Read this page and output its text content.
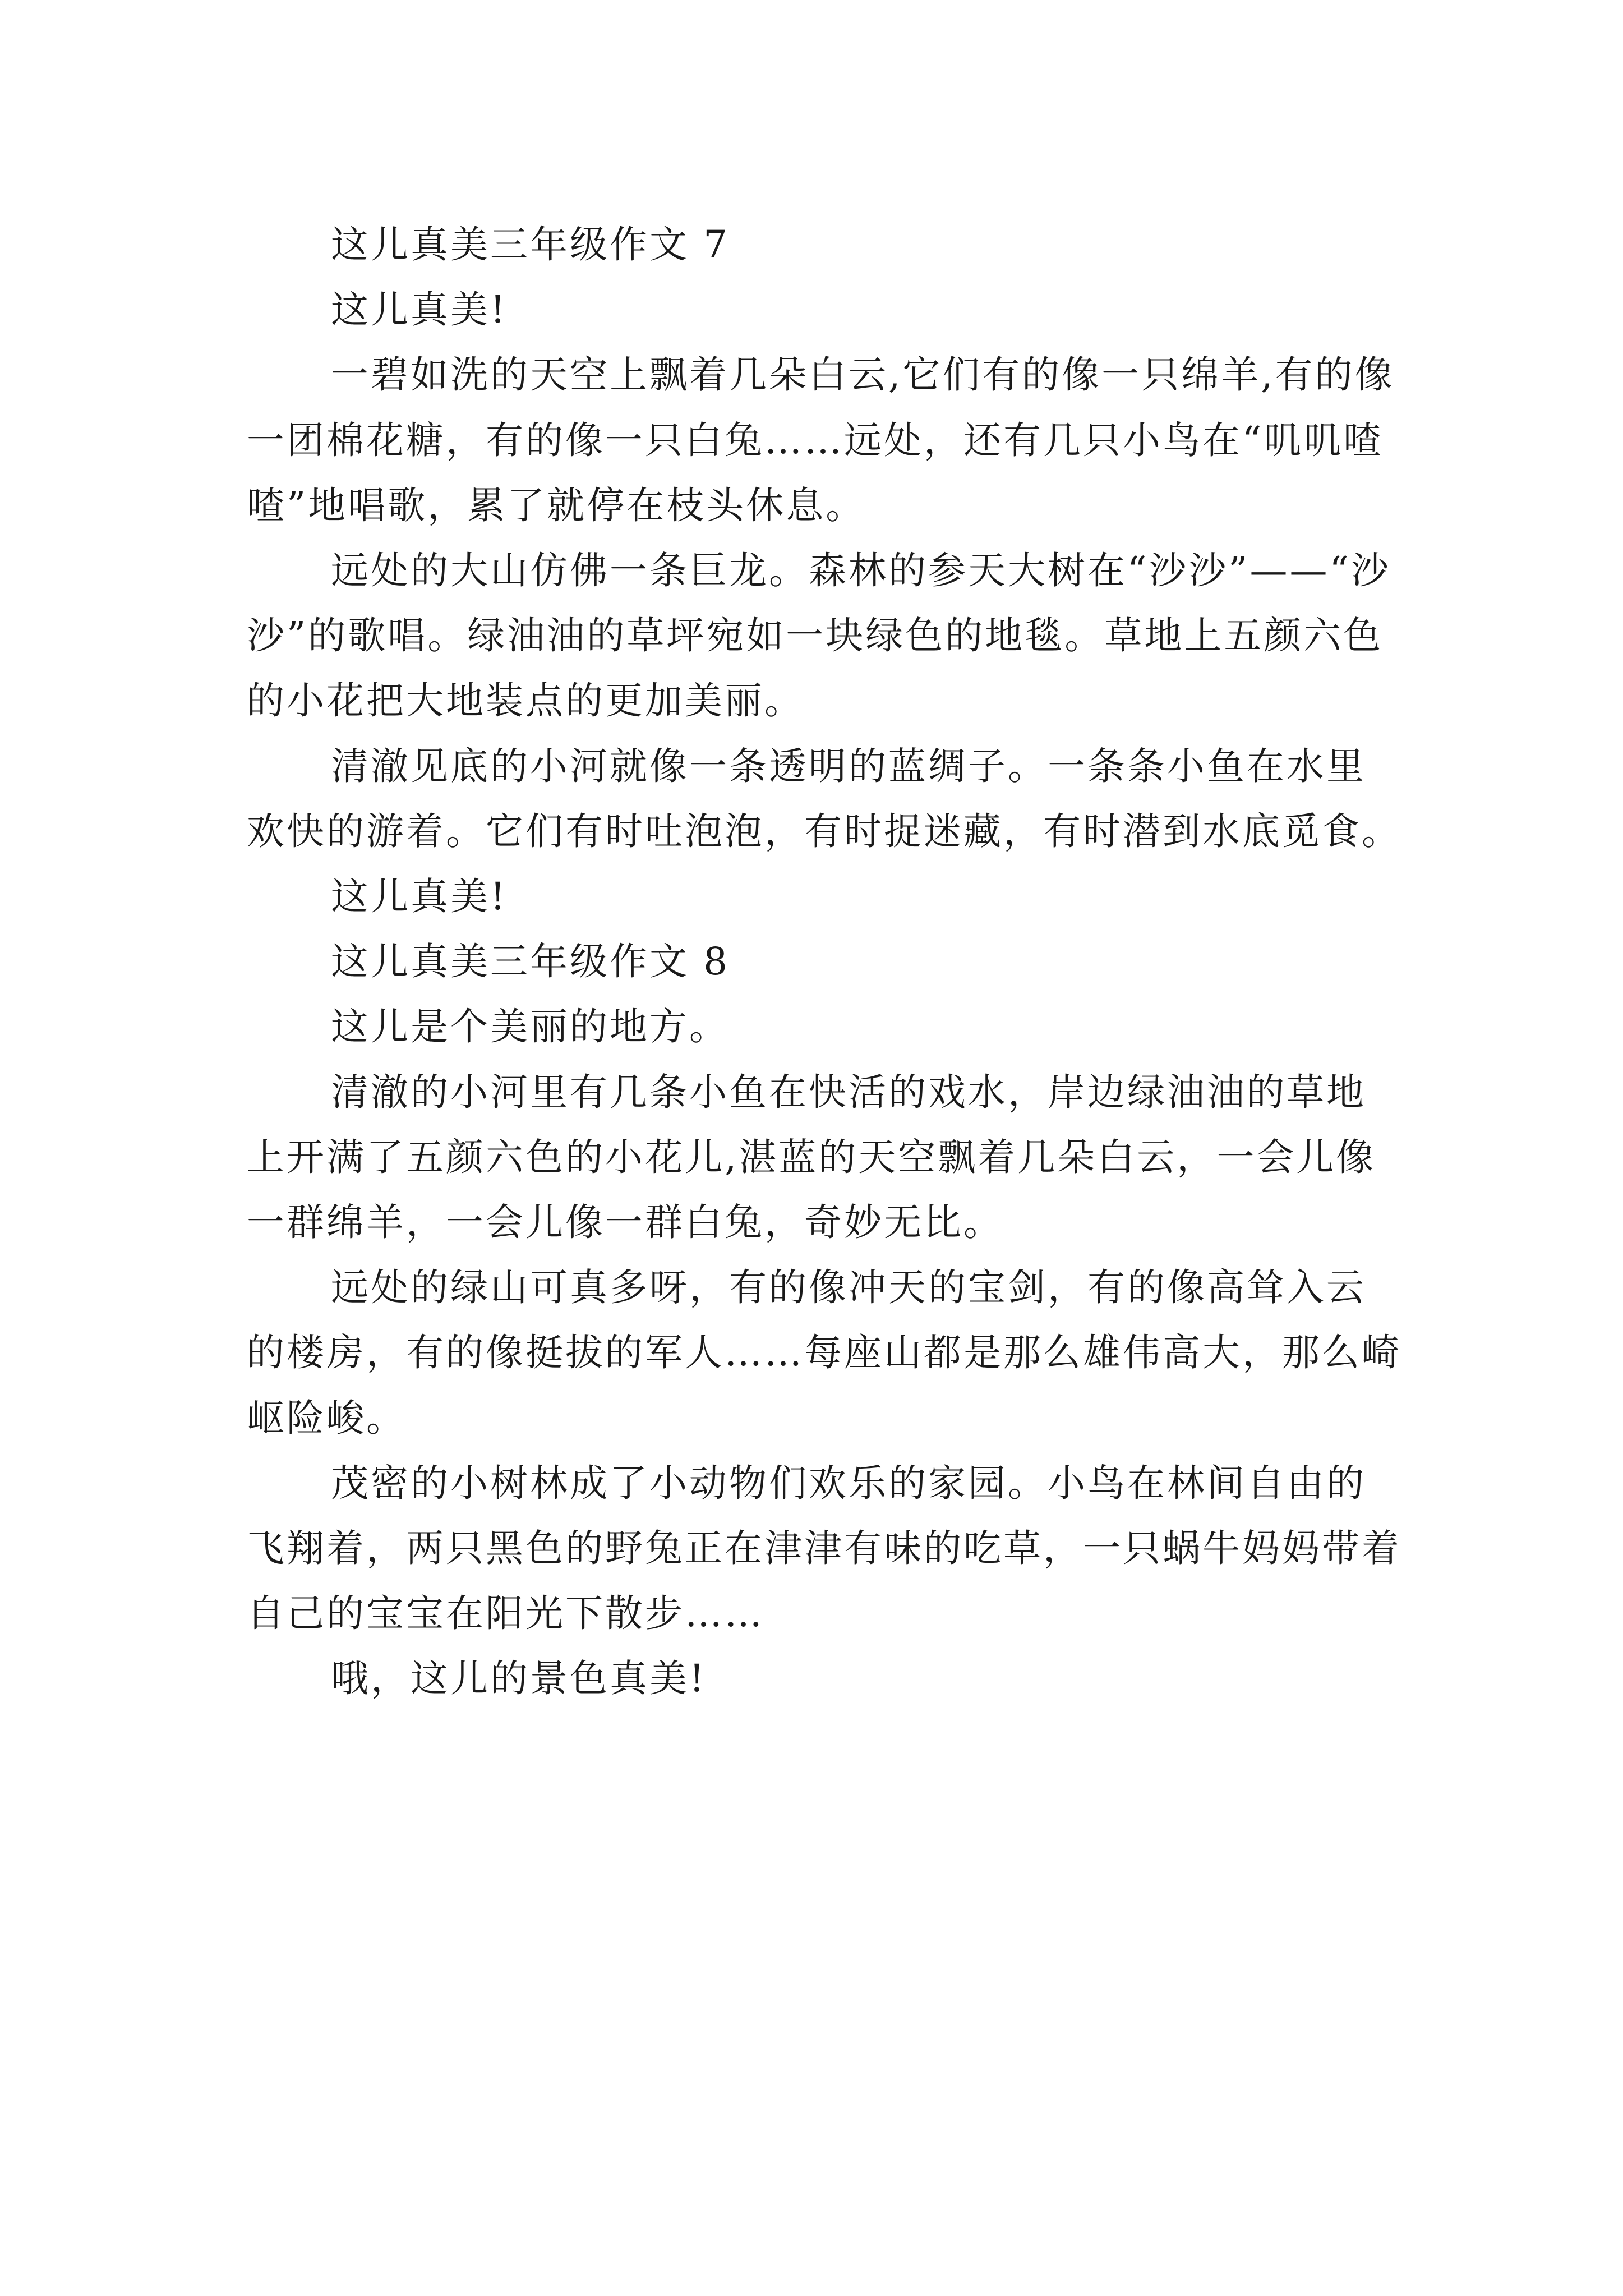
这儿真美三年级作文 7

这儿真美!

一碧如洗的天空上飘着几朵白云,它们有的像一只绵羊,有的像一团棉花糖，有的像一只白兔……远处，还有几只小鸟在“叽叽喳喳”地唱歌，累了就停在枝头休息。

远处的大山仿佛一条巨龙。森林的参天大树在“沙沙”——“沙沙”的歌唱。绿油油的草坪宛如一块绿色的地毯。草地上五颜六色的小花把大地装点的更加美丽。

清澈见底的小河就像一条透明的蓝绸子。一条条小鱼在水里欢快的游着。它们有时吐泡泡，有时捉迷藏，有时潜到水底觅食。

这儿真美!

这儿真美三年级作文 8

这儿是个美丽的地方。

清澈的小河里有几条小鱼在快活的戏水，岸边绿油油的草地上开满了五颜六色的小花儿,湛蓝的天空飘着几朵白云，一会儿像一群绵羊，一会儿像一群白兔，奇妙无比。

远处的绿山可真多呀，有的像冲天的宝剑，有的像高耸入云的楼房，有的像挺拔的军人……每座山都是那么雄伟高大，那么崎岖险峻。

茂密的小树林成了小动物们欢乐的家园。小鸟在林间自由的飞翔着，两只黑色的野兔正在津津有味的吃草，一只蜗牛妈妈带着自己的宝宝在阳光下散步……

哦，这儿的景色真美!
